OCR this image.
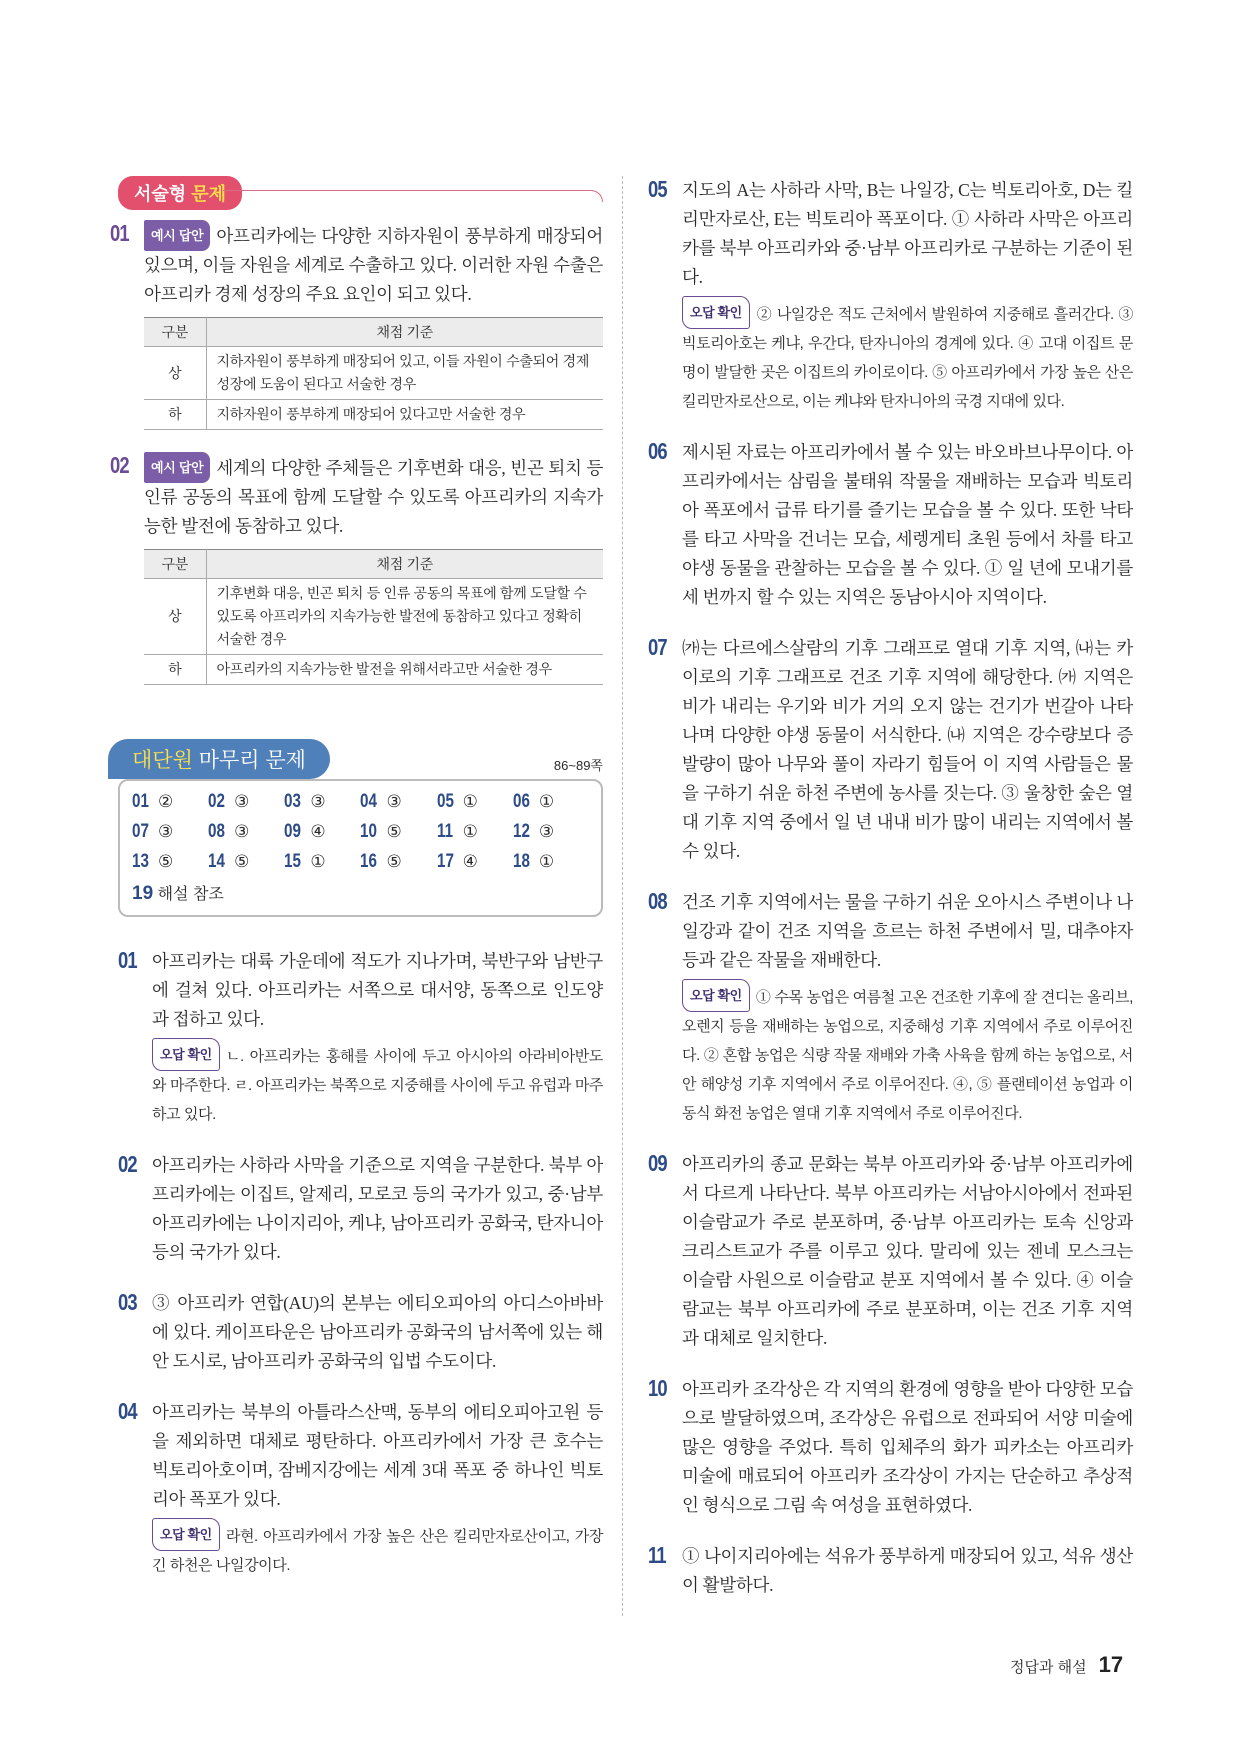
서술형 문제
01	예시 답안 아프리카에는 다양한 지하자원이 풍부하게 매장되어 있으며, 이들 자원을 세계로 수출하고 있다. 이러한 자원 수출은 아프리카 경제 성장의 주요 요인이 되고 있다.
구분	채점 기준
상	지하자원이 풍부하게 매장되어 있고, 이들 자원이 수출되어 경제 성장에 도움이 된다고 서술한 경우
하	지하자원이 풍부하게 매장되어 있다고만 서술한 경우
02	예시 답안 세계의 다양한 주체들은 기후변화 대응, 빈곤 퇴치 등 인류 공동의 목표에 함께 도달할 수 있도록 아프리카의 지속가능한 발전에 동참하고 있다.
구분	채점 기준
상	기후변화 대응, 빈곤 퇴치 등 인류 공동의 목표에 함께 도달할 수 있도록 아프리카의 지속가능한 발전에 동참하고 있다고 정확히 서술한 경우
하	아프리카의 지속가능한 발전을 위해서라고만 서술한 경우
대단원 마무리 문제	86~89쪽
01 ②	02 ③	03 ③	04 ③	05 ①	06 ①
07 ③	08 ③	09 ④	10 ⑤	11 ①	12 ③
13 ⑤	14 ⑤	15 ①	16 ⑤	17 ④	18 ①
19 해설 참조
01 아프리카는 대륙 가운데에 적도가 지나가며, 북반구와 남반구에 걸쳐 있다. 아프리카는 서쪽으로 대서양, 동쪽으로 인도양과 접하고 있다.
오답 확인 ㄴ. 아프리카는 홍해를 사이에 두고 아시아의 아라비아반도와 마주한다. ㄹ. 아프리카는 북쪽으로 지중해를 사이에 두고 유럽과 마주하고 있다.
02 아프리카는 사하라 사막을 기준으로 지역을 구분한다. 북부 아프리카에는 이집트, 알제리, 모로코 등의 국가가 있고, 중·남부 아프리카에는 나이지리아, 케냐, 남아프리카 공화국, 탄자니아 등의 국가가 있다.
03 ③ 아프리카 연합(AU)의 본부는 에티오피아의 아디스아바바에 있다. 케이프타운은 남아프리카 공화국의 남서쪽에 있는 해안 도시로, 남아프리카 공화국의 입법 수도이다.
04 아프리카는 북부의 아틀라스산맥, 동부의 에티오피아고원 등을 제외하면 대체로 평탄하다. 아프리카에서 가장 큰 호수는 빅토리아호이며, 잠베지강에는 세계 3대 폭포 중 하나인 빅토리아 폭포가 있다.
오답 확인 라현. 아프리카에서 가장 높은 산은 킬리만자로산이고, 가장 긴 하천은 나일강이다.
05 지도의 A는 사하라 사막, B는 나일강, C는 빅토리아호, D는 킬리만자로산, E는 빅토리아 폭포이다. ① 사하라 사막은 아프리카를 북부 아프리카와 중·남부 아프리카로 구분하는 기준이 된다.
오답 확인 ② 나일강은 적도 근처에서 발원하여 지중해로 흘러간다. ③ 빅토리아호는 케냐, 우간다, 탄자니아의 경계에 있다. ④ 고대 이집트 문명이 발달한 곳은 이집트의 카이로이다. ⑤ 아프리카에서 가장 높은 산은 킬리만자로산으로, 이는 케냐와 탄자니아의 국경 지대에 있다.
06 제시된 자료는 아프리카에서 볼 수 있는 바오바브나무이다. 아프리카에서는 삼림을 불태워 작물을 재배하는 모습과 빅토리아 폭포에서 급류 타기를 즐기는 모습을 볼 수 있다. 또한 낙타를 타고 사막을 건너는 모습, 세렝게티 초원 등에서 차를 타고 야생 동물을 관찰하는 모습을 볼 수 있다. ① 일 년에 모내기를 세 번까지 할 수 있는 지역은 동남아시아 지역이다.
07 ㈎는 다르에스살람의 기후 그래프로 열대 기후 지역, ㈏는 카이로의 기후 그래프로 건조 기후 지역에 해당한다. ㈎ 지역은 비가 내리는 우기와 비가 거의 오지 않는 건기가 번갈아 나타나며 다양한 야생 동물이 서식한다. ㈏ 지역은 강수량보다 증발량이 많아 나무와 풀이 자라기 힘들어 이 지역 사람들은 물을 구하기 쉬운 하천 주변에 농사를 짓는다. ③ 울창한 숲은 열대 기후 지역 중에서 일 년 내내 비가 많이 내리는 지역에서 볼 수 있다.
08 건조 기후 지역에서는 물을 구하기 쉬운 오아시스 주변이나 나일강과 같이 건조 지역을 흐르는 하천 주변에서 밀, 대추야자 등과 같은 작물을 재배한다.
오답 확인 ① 수목 농업은 여름철 고온 건조한 기후에 잘 견디는 올리브, 오렌지 등을 재배하는 농업으로, 지중해성 기후 지역에서 주로 이루어진다. ② 혼합 농업은 식량 작물 재배와 가축 사육을 함께 하는 농업으로, 서안 해양성 기후 지역에서 주로 이루어진다. ④, ⑤ 플랜테이션 농업과 이동식 화전 농업은 열대 기후 지역에서 주로 이루어진다.
09 아프리카의 종교 문화는 북부 아프리카와 중·남부 아프리카에서 다르게 나타난다. 북부 아프리카는 서남아시아에서 전파된 이슬람교가 주로 분포하며, 중·남부 아프리카는 토속 신앙과 크리스트교가 주를 이루고 있다. 말리에 있는 젠네 모스크는 이슬람 사원으로 이슬람교 분포 지역에서 볼 수 있다. ④ 이슬람교는 북부 아프리카에 주로 분포하며, 이는 건조 기후 지역과 대체로 일치한다.
10 아프리카 조각상은 각 지역의 환경에 영향을 받아 다양한 모습으로 발달하였으며, 조각상은 유럽으로 전파되어 서양 미술에 많은 영향을 주었다. 특히 입체주의 화가 피카소는 아프리카 미술에 매료되어 아프리카 조각상이 가지는 단순하고 추상적인 형식으로 그림 속 여성을 표현하였다.
11 ① 나이지리아에는 석유가 풍부하게 매장되어 있고, 석유 생산이 활발하다.
정답과 해설 17
